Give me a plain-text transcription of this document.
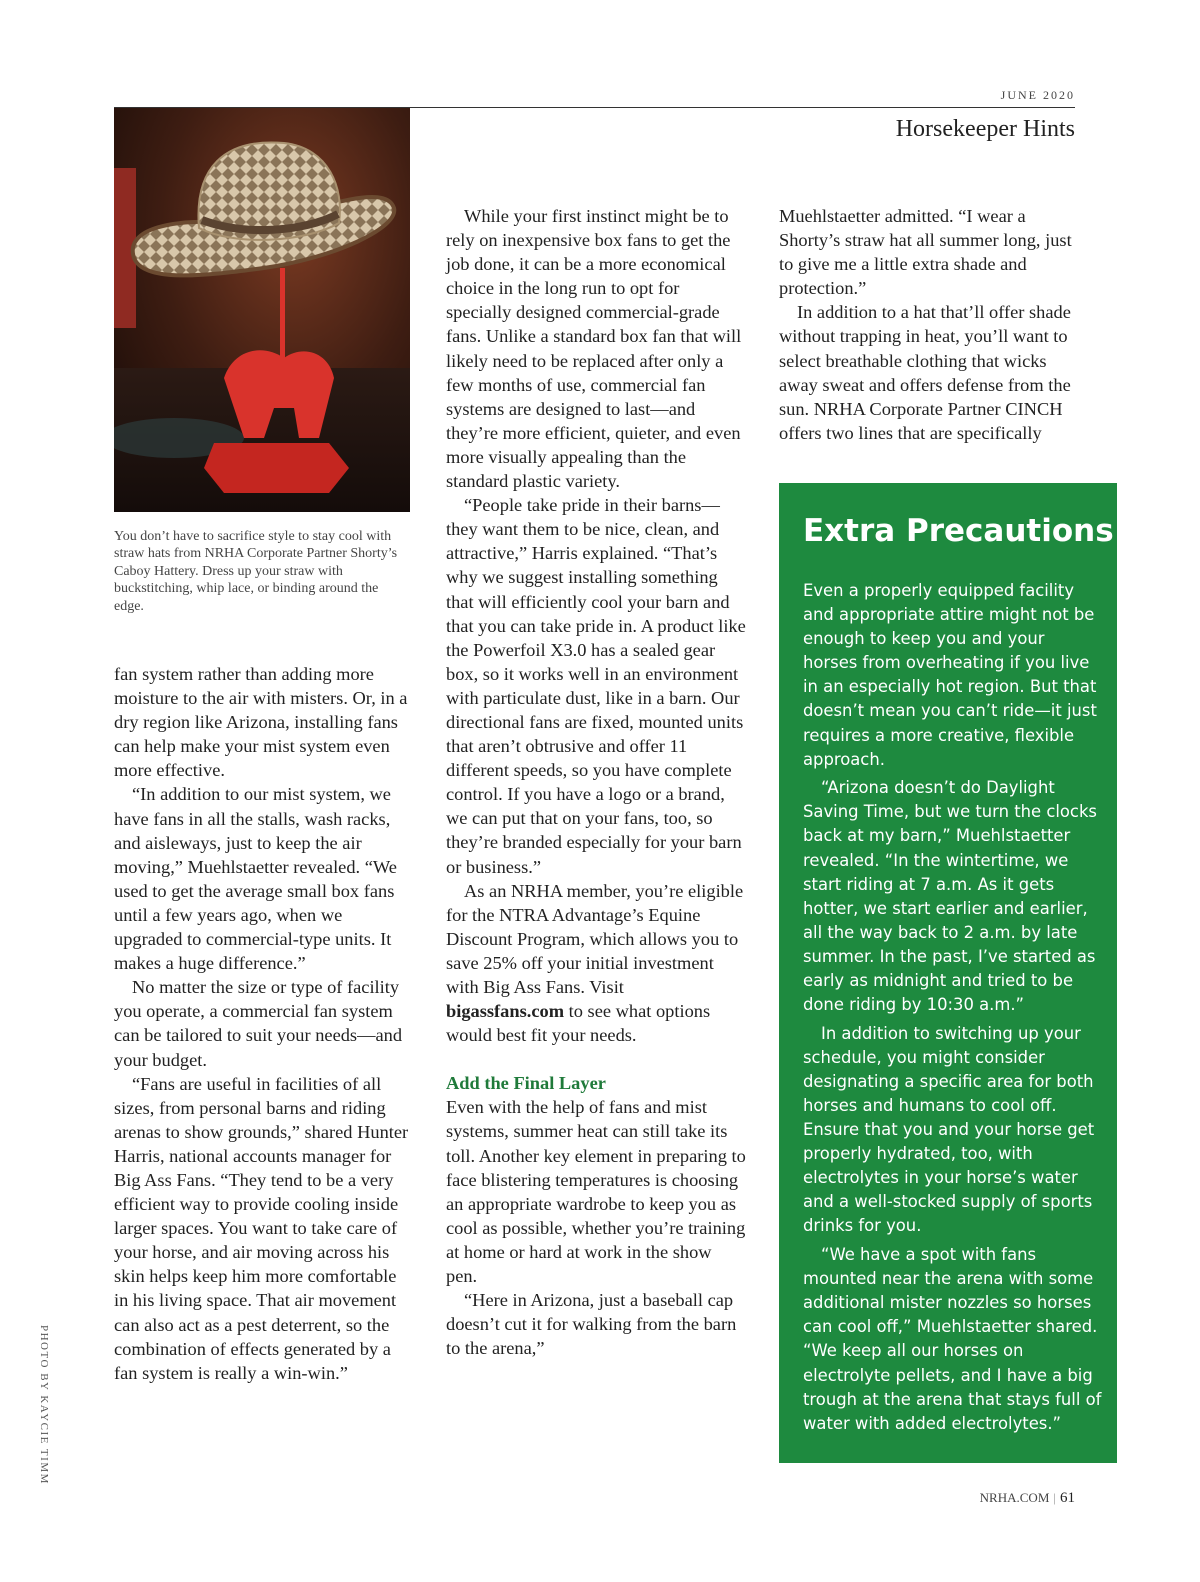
JUNE 2020
Horsekeeper Hints
You don’t have to sacrifice style to stay cool with straw hats from NRHA Corporate Partner Shorty’s Caboy Hattery. Dress up your straw with buckstitching, whip lace, or binding around the edge.

fan system rather than adding more moisture to the air with misters. Or, in a dry region like Arizona, installing fans can help make your mist system even more effective.

“In addition to our mist system, we have fans in all the stalls, wash racks, and aisleways, just to keep the air moving,” Muehlstaetter revealed. “We used to get the average small box fans until a few years ago, when we upgraded to commercial-type units. It makes a huge difference.”

No matter the size or type of facility you operate, a commercial fan system can be tailored to suit your needs—and your budget.

“Fans are useful in facilities of all sizes, from personal barns and riding arenas to show grounds,” shared Hunter Harris, national accounts manager for Big Ass Fans. “They tend to be a very efficient way to provide cooling inside larger spaces. You want to take care of your horse, and air moving across his skin helps keep him more comfortable in his living space. That air movement can also act as a pest deterrent, so the combination of effects generated by a fan system is really a win-win.”

While your first instinct might be to rely on inexpensive box fans to get the job done, it can be a more economical choice in the long run to opt for specially designed commercial-grade fans. Unlike a standard box fan that will likely need to be replaced after only a few months of use, commercial fan systems are designed to last—and they’re more efficient, quieter, and even more visually appealing than the standard plastic variety.

“People take pride in their barns—they want them to be nice, clean, and attractive,” Harris explained. “That’s why we suggest installing something that will efficiently cool your barn and that you can take pride in. A product like the Powerfoil X3.0 has a sealed gear box, so it works well in an environment with particulate dust, like in a barn. Our directional fans are fixed, mounted units that aren’t obtrusive and offer 11 different speeds, so you have complete control. If you have a logo or a brand, we can put that on your fans, too, so they’re branded especially for your barn or business.”

As an NRHA member, you’re eligible for the NTRA Advantage’s Equine Discount Program, which allows you to save 25% off your initial investment with Big Ass Fans. Visit bigassfans.com to see what options would best fit your needs.

Add the Final Layer

Even with the help of fans and mist systems, summer heat can still take its toll. Another key element in preparing to face blistering temperatures is choosing an appropriate wardrobe to keep you as cool as possible, whether you’re training at home or hard at work in the show pen.

“Here in Arizona, just a baseball cap doesn’t cut it for walking from the barn to the arena,”

Muehlstaetter admitted. “I wear a Shorty’s straw hat all summer long, just to give me a little extra shade and protection.”

In addition to a hat that’ll offer shade without trapping in heat, you’ll want to select breathable clothing that wicks away sweat and offers defense from the sun. NRHA Corporate Partner CINCH offers two lines that are specifically

Extra Precautions

Even a properly equipped facility and appropriate attire might not be enough to keep you and your horses from overheating if you live in an especially hot region. But that doesn’t mean you can’t ride—it just requires a more creative, flexible approach.

“Arizona doesn’t do Daylight Saving Time, but we turn the clocks back at my barn,” Muehlstaetter revealed. “In the wintertime, we start riding at 7 a.m. As it gets hotter, we start earlier and earlier, all the way back to 2 a.m. by late summer. In the past, I’ve started as early as midnight and tried to be done riding by 10:30 a.m.”

In addition to switching up your schedule, you might consider designating a specific area for both horses and humans to cool off. Ensure that you and your horse get properly hydrated, too, with electrolytes in your horse’s water and a well-stocked supply of sports drinks for you.

“We have a spot with fans mounted near the arena with some additional mister nozzles so horses can cool off,” Muehlstaetter shared. “We keep all our horses on electrolyte pellets, and I have a big trough at the arena that stays full of water with added electrolytes.”

PHOTO BY KAYCIE TIMM
NRHA.COM | 61
